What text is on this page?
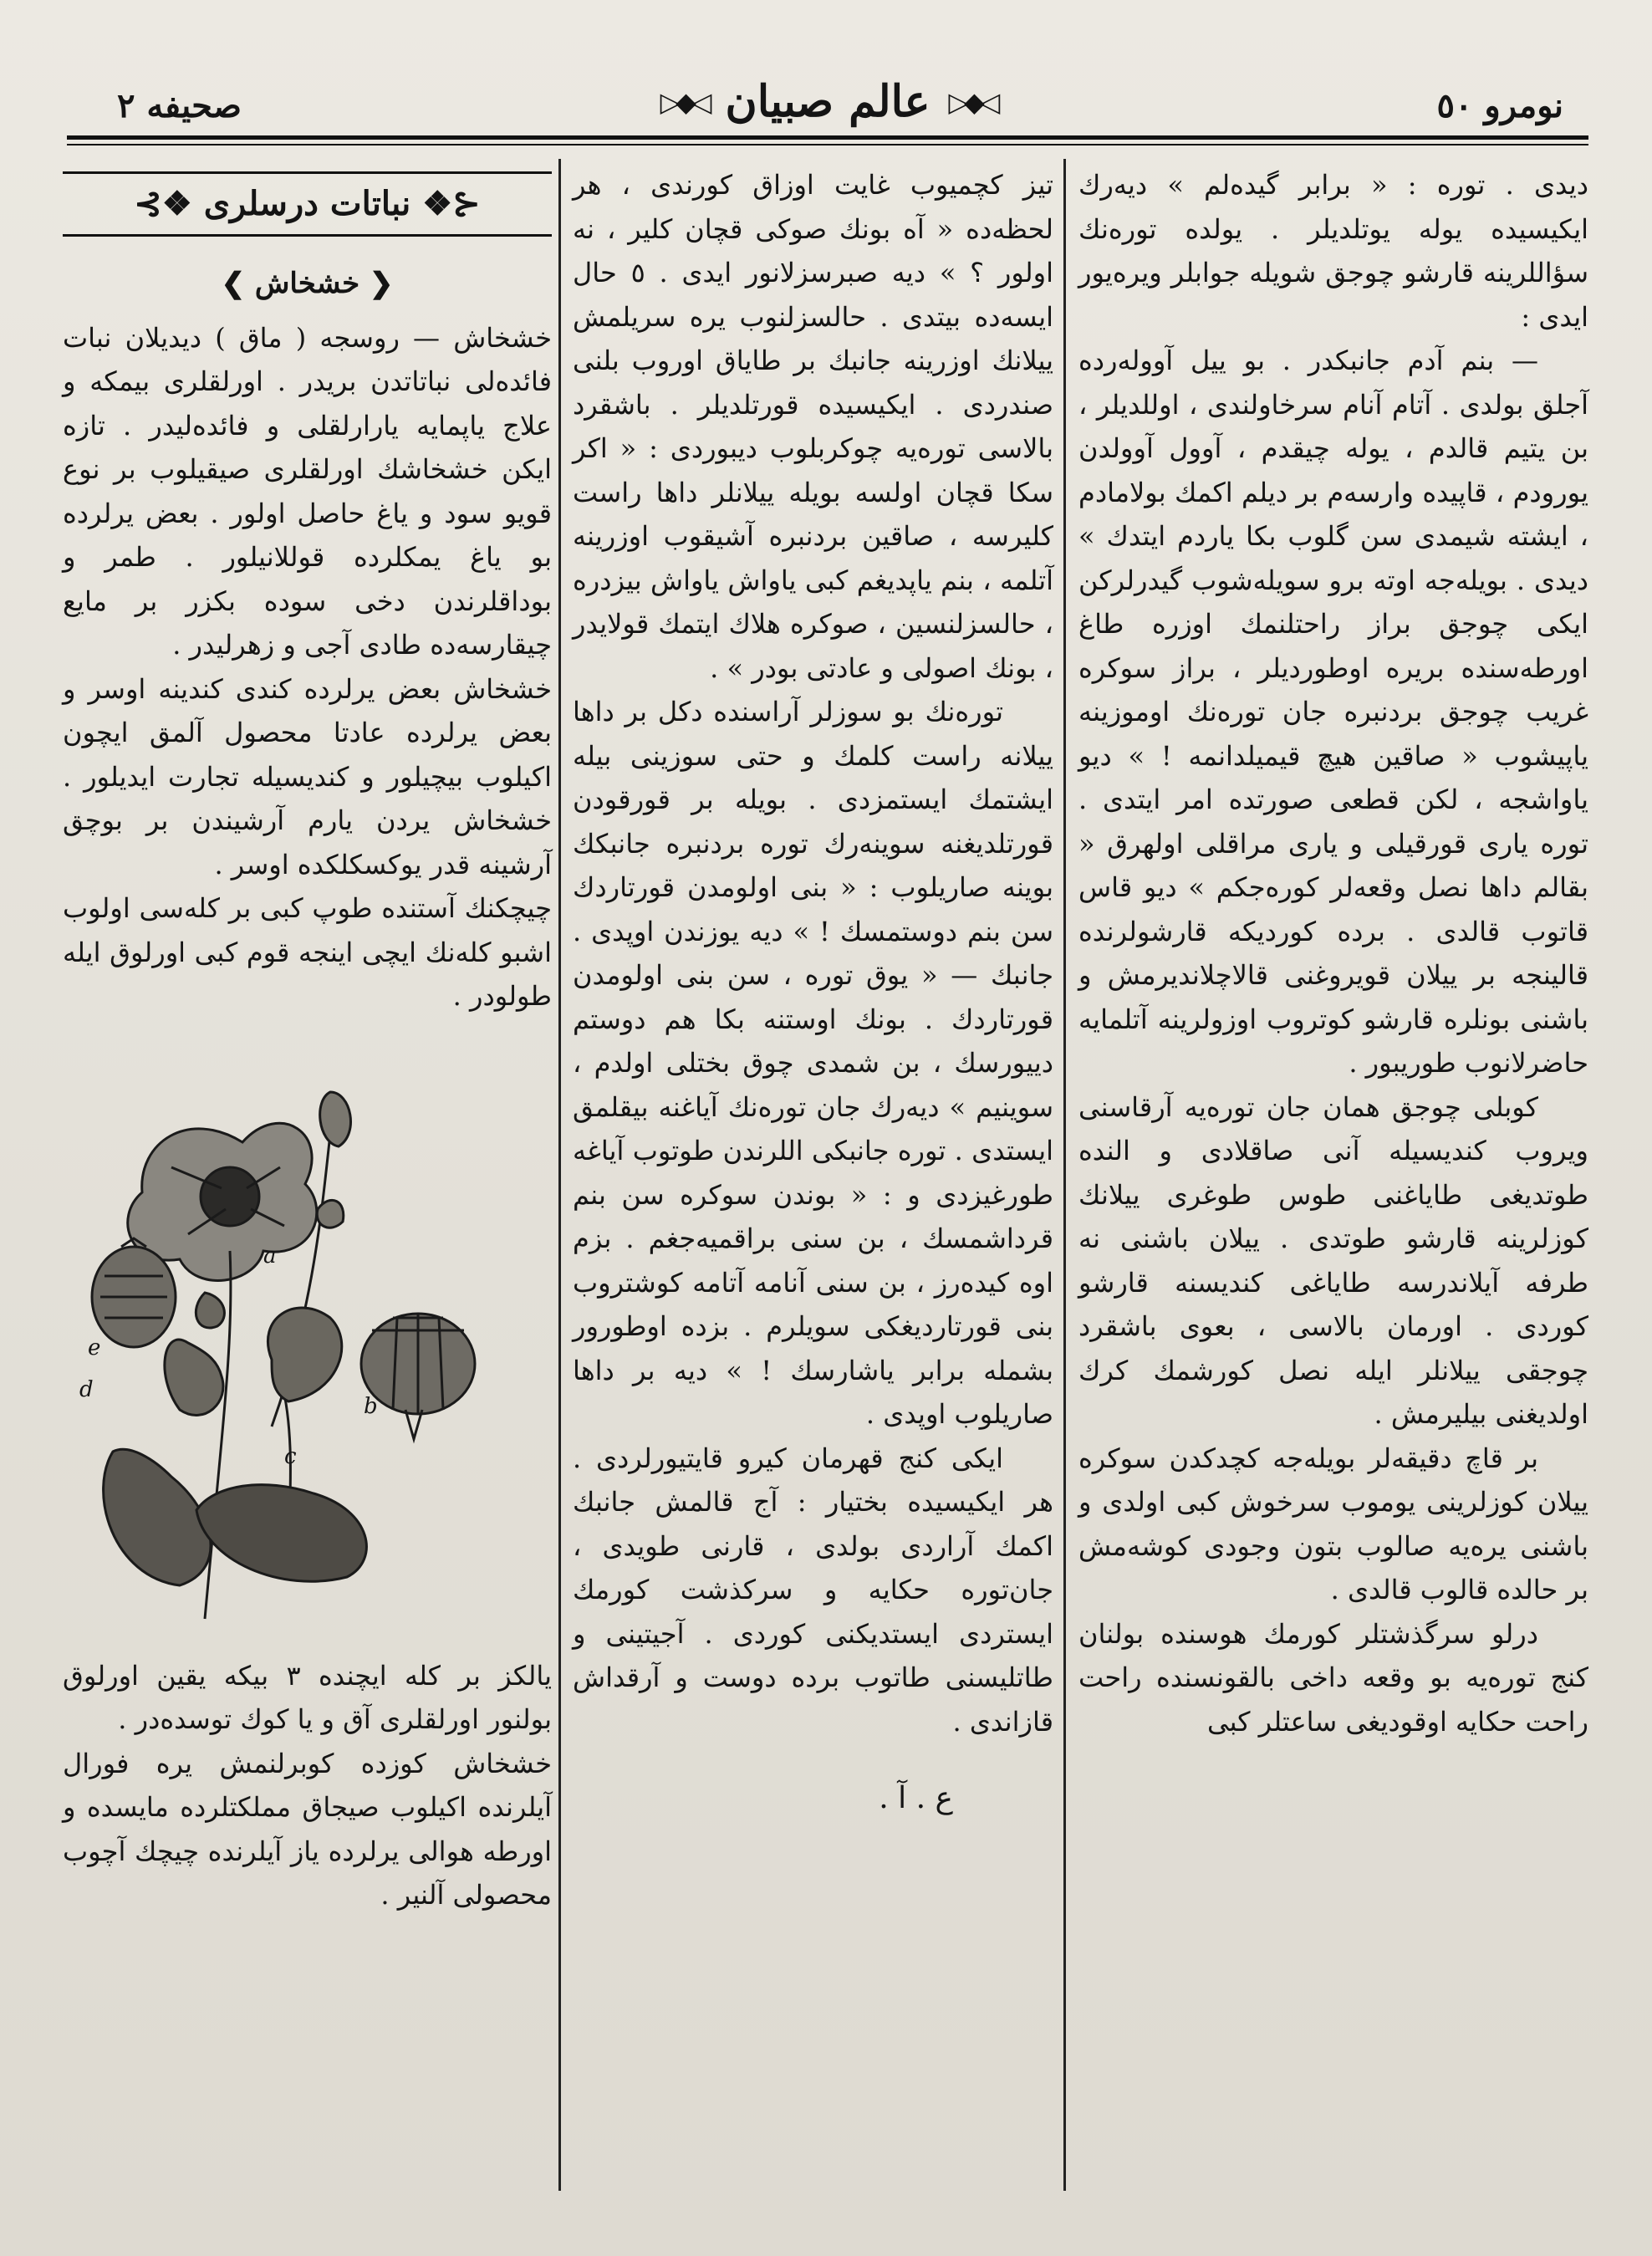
صحیفه ٢	◁◆▷
عالم صبیان
◁◆▷	نومرو ٥٠

دیدی . توره : « برابر گیده‌لم » دیه‌رك ایكیسیده یوله یوتلدیلر . یولده توره‌نك سؤاللرینه قارشو چوجق شویله جوابلر ویره‌یور ایدی :

— بنم آدم جانبكدر . بو ییل آووله‌رده آجلق بولدی . آتام آنام سرخاولندی ، اوللدیلر ، بن یتیم قالدم ، یوله چیقدم ، آوول آوولدن یورودم ، قاپیده وارسه‌م بر دیلم اكمك بولامادم ، ایشته شیمدی سن گلوب بكا یاردم ایتدك » دیدی . بویله‌جه اوته برو سویله‌شوب گیدرلركن ایكی چوجق براز راحتلنمك اوزره طاغ اورطه‌سنده بریره اوطوردیلر ، براز سوكره غریب چوجق بردنبره جان توره‌نك اوموزینه یاپیشوب « صاقین هیچ قیمیلدانمه ! » دیو یاواشجه ، لكن قطعی صورتده امر ایتدی . توره یاری قورقیلی و یاری مراقلی اولهرق « بقالم داها نصل وقعه‌لر كوره‌جكم » دیو قاس قاتوب قالدی . برده كوردیكه قارشولرنده قالینجه بر ییلان قویروغنی قالاچلاندیرمش و باشنی بونلره قارشو كوتروب اوزولرینه آتلمایه حاضرلانوب طوریبور .

كوبلی چوجق همان جان توره‌یه آرقاسنی ویروب كندیسیله آنی صاقلادی و النده طوتدیغی طایاغنی طوس طوغری ییلانك كوزلرینه قارشو طوتدی . ییلان باشنی نه طرفه آیلاندرسه طایاغی كندیسنه قارشو كوردی . اورمان بالاسی ، بعوی باشقرد چوجقی ییلانلر ایله نصل كورشمك كرك اولدیغنی بیلیرمش .

بر قاچ دقیقه‌لر بویله‌جه كچدكدن سوكره ییلان كوزلرینی یوموب سرخوش كبی اولدی و باشنی یره‌یه صالوب بتون وجودی كوشه‌مش بر حالده قالوب قالدی .

درلو سرگذشتلر كورمك هوسنده بولنان كنج توره‌یه بو وقعه داخی بالقونسنده راحت راحت حكایه اوقودیغی ساعتلر كبی

تیز كچمیوب غایت اوزاق كورندی ، هر لحظه‌ده « آه بونك صوكی قچان كلیر ، نه اولور ؟ » دیه صبرسزلانور ایدی . ٥ حال ایسه‌ده بیتدی . حالسزلنوب یره سریلمش ییلانك اوزرینه جانبك بر طایاق اوروب بلنی صندردی . ایكیسیده قورتلدیلر . باشقرد بالاسی توره‌یه چوكربلوب دیبوردی : « اكر سكا قچان اولسه بویله ییلانلر داها راست كلیرسه ، صاقین بردنبره آشیقوب اوزرینه آتلمه ، بنم یاپدیغم كبی یاواش یاواش بیزدره ، حالسزلنسین ، صوكره هلاك ایتمك قولایدر ، بونك اصولی و عادتی بودر » .

توره‌نك بو سوزلر آراسنده دكل بر داها ییلانه راست كلمك و حتی سوزینی بیله ایشتمك ایستمزدی . بویله بر قورقودن قورتلدیغنه سوینه‌رك توره بردنبره جانبكك بوینه صاریلوب : « بنی اولومدن قورتاردك سن بنم دوستمسك ! » دیه یوزندن اوپدی . جانبك — « یوق توره ، سن بنی اولومدن قورتاردك . بونك اوستنه بكا هم دوستم دییورسك ، بن شمدی چوق بختلی اولدم ، سوینیم » دیه‌رك جان توره‌نك آیاغنه بیقلمق ایستدی . توره جانبكی اللرندن طوتوب آیاغه طورغیزدی و : « بوندن سوكره سن بنم قرداشمسك ، بن سنی براقمیه‌جغم . بزم اوه كیده‌رز ، بن سنی آنامه آتامه كوشتروب بنی قورتاردیغكی سویلرم . بزده اوطورور بشمله برابر یاشارسك ! » دیه بر داها صاریلوب اوپدی .

ایكی كنج قهرمان كیرو قایتیورلردی . هر ایكیسیده بختیار : آج قالمش جانبك اكمك آراردی بولدی ، قارنی طویدی ، جان‌توره حكایه و سركذشت كورمك ایستردی ایستدیكنی كوردی . آجیتینی و طاتلیسنی طاتوب برده دوست و آرقداش قازاندی .

ع . آ .

⊰❖ نباتات درسلری ❖⊱
❮ خشخاش ❯

خشخاش — روسجه ( ماق ) دیدیلان نبات فائده‌لی نباتاتدن بریدر . اورلقلری بیمكه و علاج یاپمایه یارارلقلی و فائده‌لیدر . تازه ایكن خشخاشك اورلقلری صیقیلوب بر نوع قویو سود و یاغ حاصل اولور . بعض یرلرده بو یاغ یمكلرده قوللانیلور . طمر و بوداقلرندن دخی سوده بكزر بر مایع چیقارسه‌ده طادی آجی و زهرلیدر .

خشخاش بعض یرلرده كندی كندینه اوسر و بعض یرلرده عادتا محصول آلمق ایچون اكیلوب بیچیلور و كندیسیله تجارت ایدیلور . خشخاش یردن یارم آرشیندن بر بوچق آرشینه قدر یوكسكلكده اوسر .

چیچكنك آستنده طوپ كبی بر كله‌سی اولوب اشبو كله‌نك ایچی اینجه قوم كبی اورلوق ایله طولودر .

a
b
c
e
d

یالكز بر كله ایچنده ٣ بیكه یقین اورلوق بولنور اورلقلری آق و یا كوك توسده‌در .

خشخاش كوزده كوبرلنمش یره فورال آیلرنده اكیلوب صیجاق مملكتلرده مایسده و اورطه هوالی یرلرده یاز آیلرنده چیچك آچوب محصولی آلنیر .
